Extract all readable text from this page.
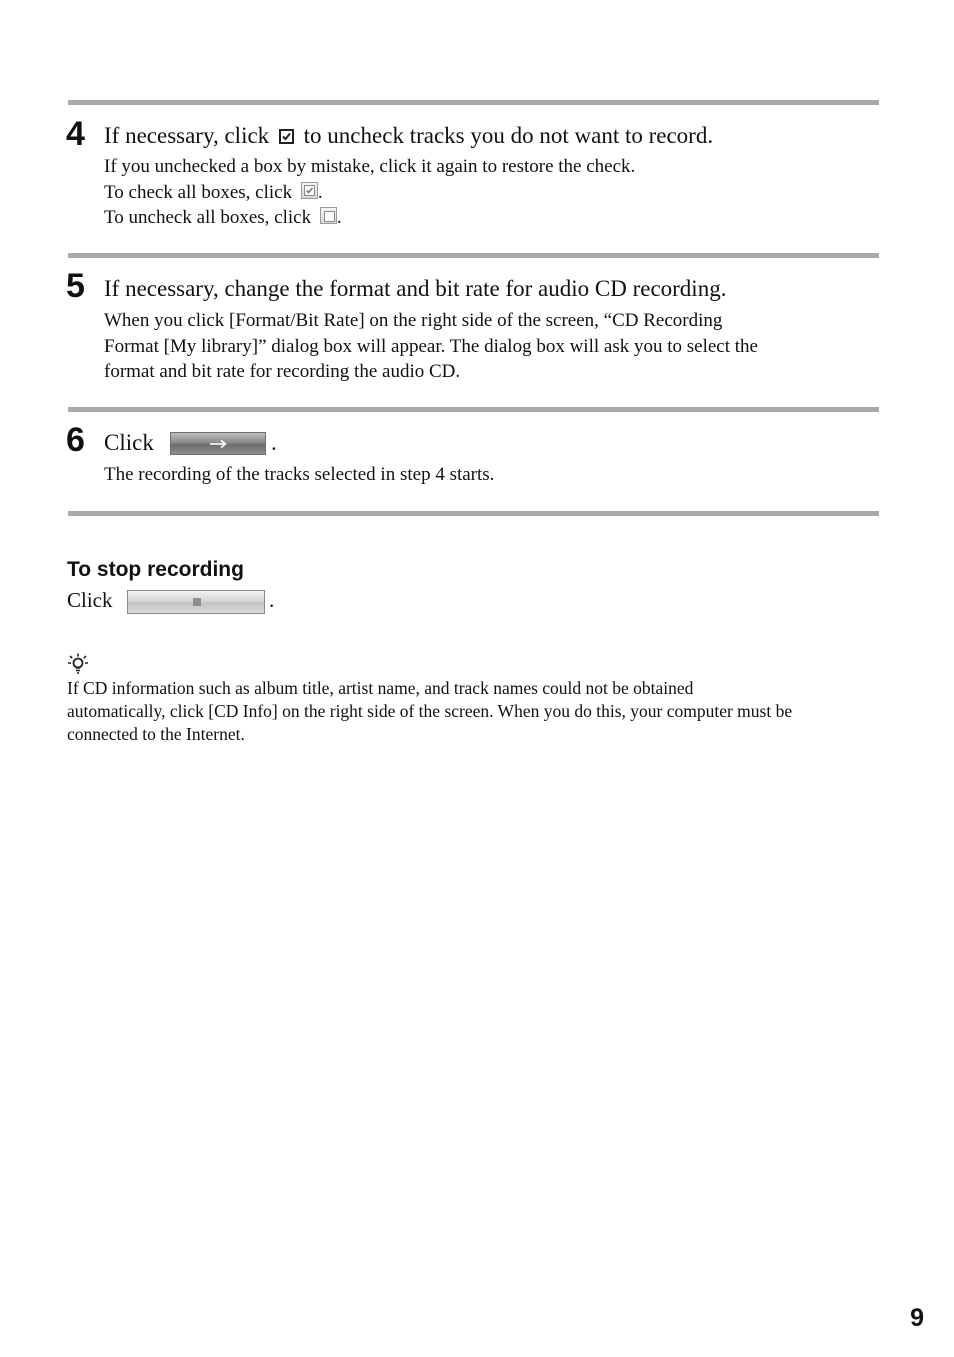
4 If necessary, click to uncheck tracks you do not want to record.
If you unchecked a box by mistake, click it again to restore the check.
To check all boxes, click .
To uncheck all boxes, click .
5 If necessary, change the format and bit rate for audio CD recording.
When you click [Format/Bit Rate] on the right side of the screen, “CD Recording
Format [My library]” dialog box will appear. The dialog box will ask you to select the
format and bit rate for recording the audio CD.
6 Click	.
The recording of the tracks selected in step 4 starts.
To stop recording
Click	.
If CD information such as album title, artist name, and track names could not be obtained
automatically, click [CD Info] on the right side of the screen. When you do this, your computer must be
connected to the Internet.
9
